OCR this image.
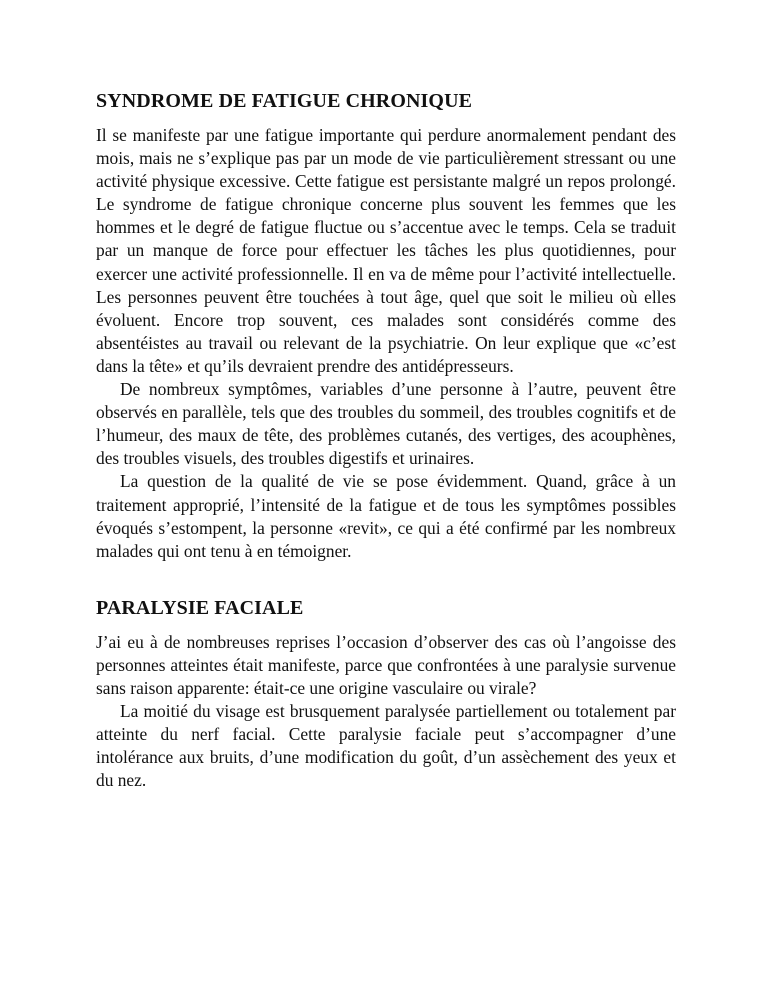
SYNDROME DE FATIGUE CHRONIQUE

Il se manifeste par une fatigue importante qui perdure anormalement pendant des mois, mais ne s’explique pas par un mode de vie particulièrement stressant ou une activité physique excessive. Cette fatigue est persistante malgré un repos prolongé. Le syndrome de fatigue chronique concerne plus souvent les femmes que les hommes et le degré de fatigue fluctue ou s’accentue avec le temps. Cela se traduit par un manque de force pour effectuer les tâches les plus quotidiennes, pour exercer une activité professionnelle. Il en va de même pour l’activité intellectuelle. Les personnes peuvent être touchées à tout âge, quel que soit le milieu où elles évoluent. Encore trop souvent, ces malades sont considérés comme des absentéistes au travail ou relevant de la psychiatrie. On leur explique que «c’est dans la tête» et qu’ils devraient prendre des antidépresseurs.

De nombreux symptômes, variables d’une personne à l’autre, peuvent être observés en parallèle, tels que des troubles du sommeil, des troubles cognitifs et de l’humeur, des maux de tête, des problèmes cutanés, des vertiges, des acouphènes, des troubles visuels, des troubles digestifs et urinaires.

La question de la qualité de vie se pose évidemment. Quand, grâce à un traitement approprié, l’intensité de la fatigue et de tous les symptômes possibles évoqués s’estompent, la personne «revit», ce qui a été confirmé par les nombreux malades qui ont tenu à en témoigner.

PARALYSIE FACIALE

J’ai eu à de nombreuses reprises l’occasion d’observer des cas où l’angoisse des personnes atteintes était manifeste, parce que confrontées à une paralysie survenue sans raison apparente: était-ce une origine vasculaire ou virale?

La moitié du visage est brusquement paralysée partiellement ou totalement par atteinte du nerf facial. Cette paralysie faciale peut s’accompagner d’une intolérance aux bruits, d’une modification du goût, d’un assèchement des yeux et du nez.
